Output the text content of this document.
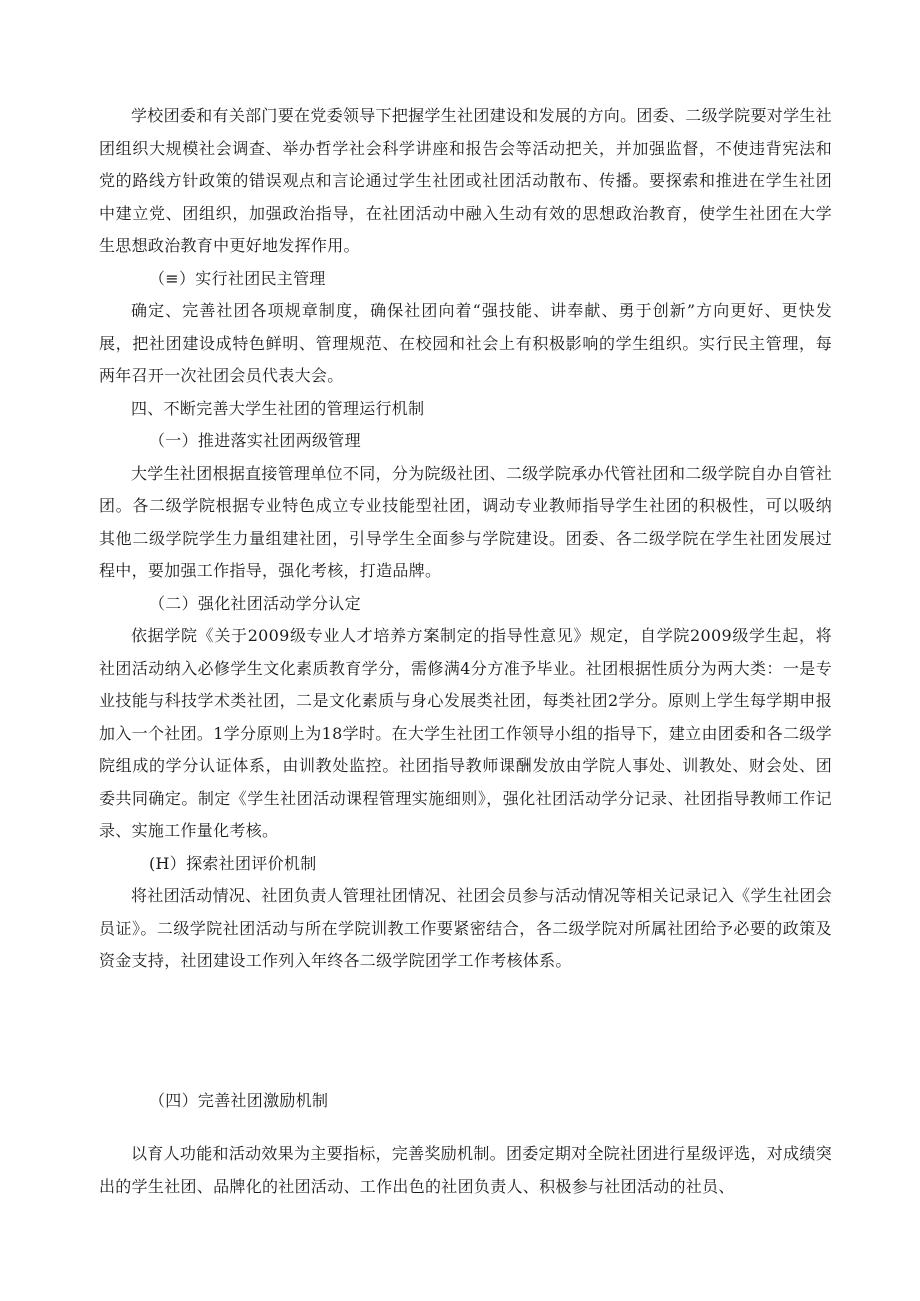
学校团委和有关部门要在党委领导下把握学生社团建设和发展的方向。团委、二级学院要对学生社团组织大规模社会调查、举办哲学社会科学讲座和报告会等活动把关，并加强监督，不使违背宪法和党的路线方针政策的错误观点和言论通过学生社团或社团活动散布、传播。要探索和推进在学生社团中建立党、团组织，加强政治指导，在社团活动中融入生动有效的思想政治教育，使学生社团在大学生思想政治教育中更好地发挥作用。

（≡）实行社团民主管理

确定、完善社团各项规章制度，确保社团向着“强技能、讲奉献、勇于创新”方向更好、更快发展，把社团建设成特色鲜明、管理规范、在校园和社会上有积极影响的学生组织。实行民主管理，每两年召开一次社团会员代表大会。

四、不断完善大学生社团的管理运行机制

（一）推进落实社团两级管理

大学生社团根据直接管理单位不同，分为院级社团、二级学院承办代管社团和二级学院自办自管社团。各二级学院根据专业特色成立专业技能型社团，调动专业教师指导学生社团的积极性，可以吸纳其他二级学院学生力量组建社团，引导学生全面参与学院建设。团委、各二级学院在学生社团发展过程中，要加强工作指导，强化考核，打造品牌。

（二）强化社团活动学分认定

依据学院《关于2009级专业人才培养方案制定的指导性意见》规定，自学院2009级学生起，将社团活动纳入必修学生文化素质教育学分，需修满4分方准予毕业。社团根据性质分为两大类：一是专业技能与科技学术类社团，二是文化素质与身心发展类社团，每类社团2学分。原则上学生每学期申报加入一个社团。1学分原则上为18学时。在大学生社团工作领导小组的指导下，建立由团委和各二级学院组成的学分认证体系，由训教处监控。社团指导教师课酬发放由学院人事处、训教处、财会处、团委共同确定。制定《学生社团活动课程管理实施细则》，强化社团活动学分记录、社团指导教师工作记录、实施工作量化考核。

(H）探索社团评价机制

将社团活动情况、社团负责人管理社团情况、社团会员参与活动情况等相关记录记入《学生社团会员证》。二级学院社团活动与所在学院训教工作要紧密结合，各二级学院对所属社团给予必要的政策及资金支持，社团建设工作列入年终各二级学院团学工作考核体系。

（四）完善社团激励机制

以育人功能和活动效果为主要指标，完善奖励机制。团委定期对全院社团进行星级评选，对成绩突出的学生社团、品牌化的社团活动、工作出色的社团负责人、积极参与社团活动的社员、
